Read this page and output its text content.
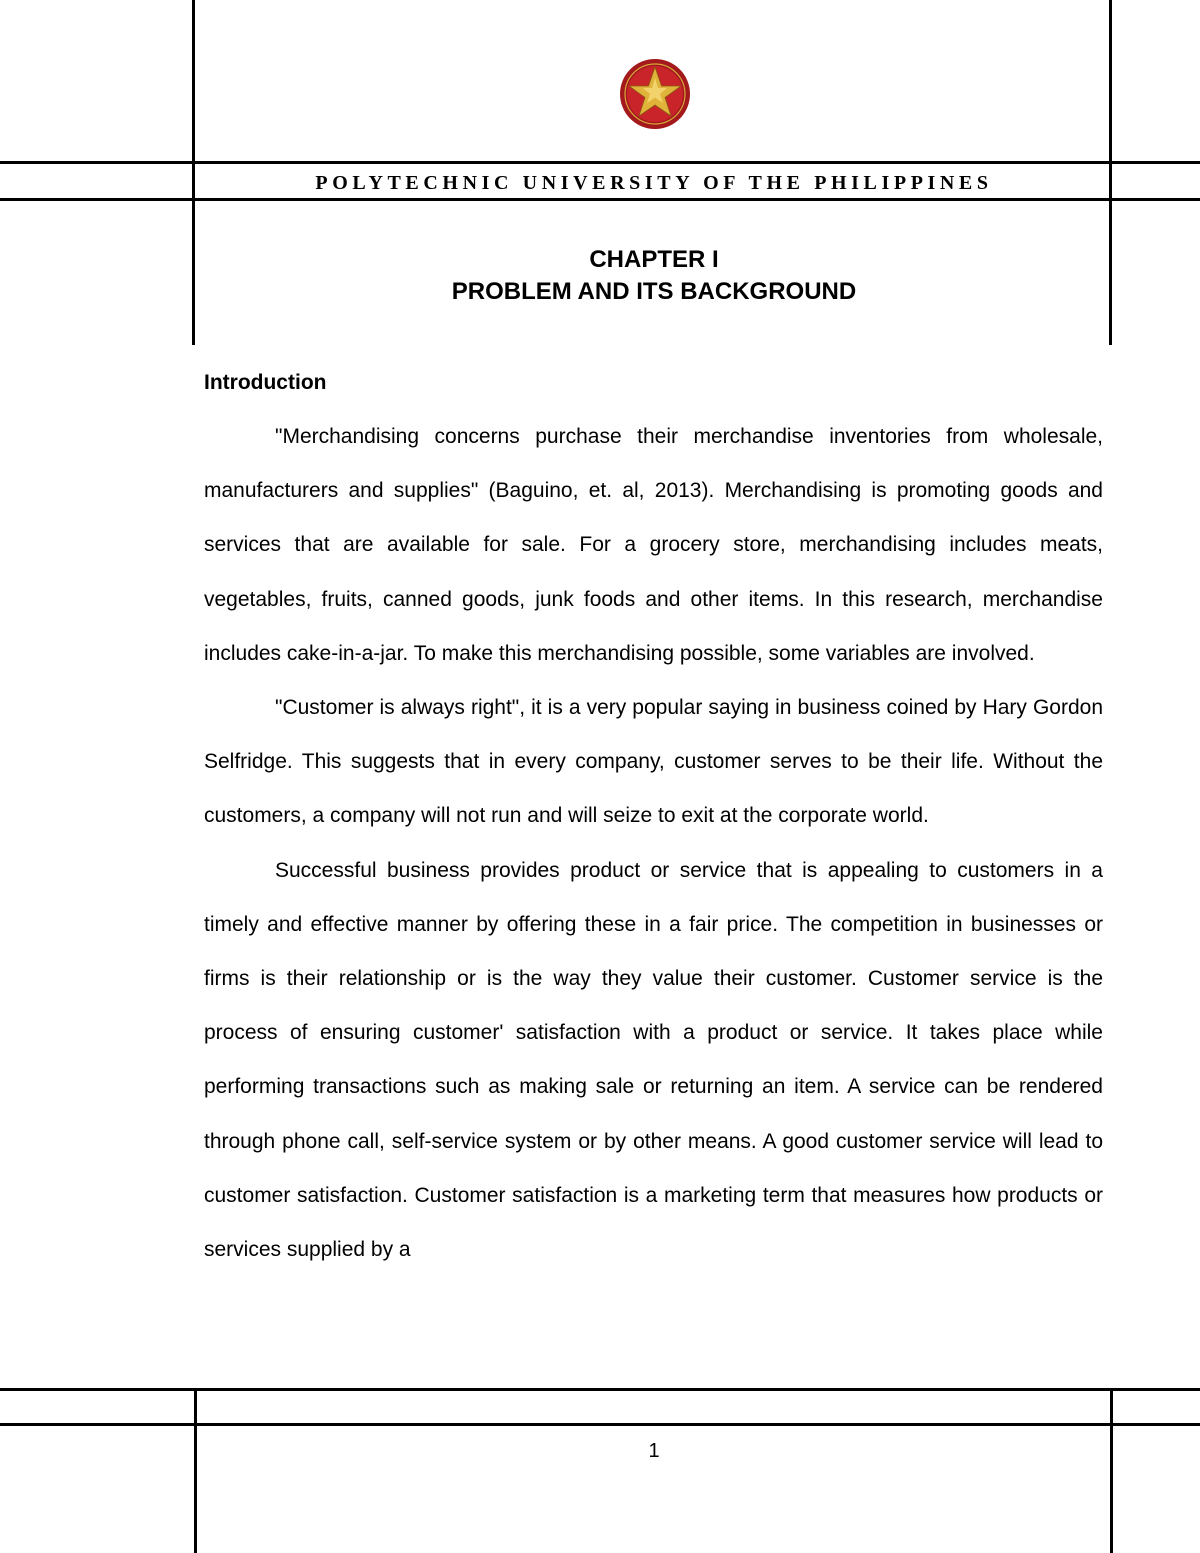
POLYTECHNIC UNIVERSITY OF THE PHILIPPINES
CHAPTER I
PROBLEM AND ITS BACKGROUND
Introduction

"Merchandising concerns purchase their merchandise inventories from wholesale, manufacturers and supplies" (Baguino, et. al, 2013). Merchandising is promoting goods and services that are available for sale. For a grocery store, merchandising includes meats, vegetables, fruits, canned goods, junk foods and other items. In this research, merchandise includes cake-in-a-jar. To make this merchandising possible, some variables are involved.

"Customer is always right", it is a very popular saying in business coined by Hary Gordon Selfridge. This suggests that in every company, customer serves to be their life. Without the customers, a company will not run and will seize to exit at the corporate world.

Successful business provides product or service that is appealing to customers in a timely and effective manner by offering these in a fair price. The competition in businesses or firms is their relationship or is the way they value their customer. Customer service is the process of ensuring customer' satisfaction with a product or service. It takes place while performing transactions such as making sale or returning an item. A service can be rendered through phone call, self-service system or by other means. A good customer service will lead to customer satisfaction. Customer satisfaction is a marketing term that measures how products or services supplied by a

1
